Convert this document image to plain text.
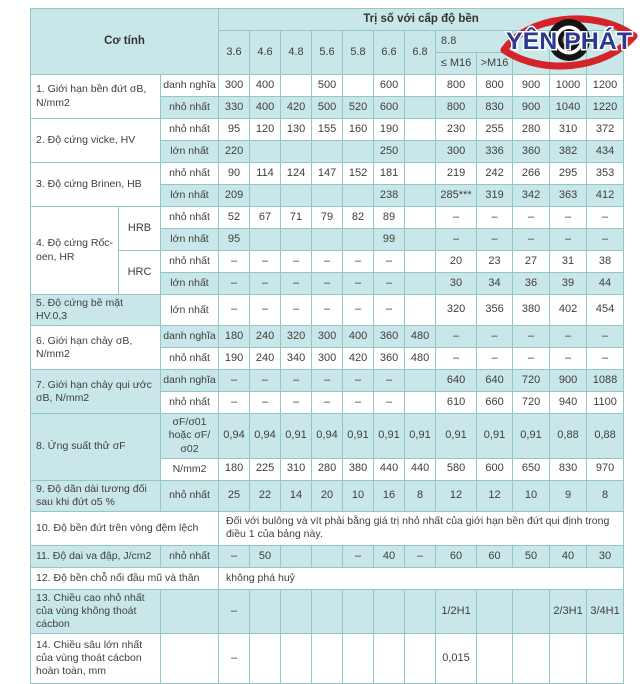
Cơ tính			Trị số với cấp độ bền											
			3.6	4.6	4.8	5.6	5.8	6.6	6.8	8.8				
										≤ M16	>M16			
1. Giới hạn bền đứt σB, N/mm2		danh nghĩa	300	400		500		600		800	800	900	1000	1200
		nhỏ nhất	330	400	420	500	520	600		800	830	900	1040	1220
2. Độ cứng vicke, HV		nhỏ nhất	95	120	130	155	160	190		230	255	280	310	372
		lớn nhất	220					250		300	336	360	382	434
3. Độ cứng Brinen, HB		nhỏ nhất	90	114	124	147	152	181		219	242	266	295	353
		lớn nhất	209					238		285***	319	342	363	412
4. Độ cứng Rốc-oen, HR	HRB	nhỏ nhất	52	67	71	79	82	89		–	–	–	–	–
		lớn nhất	95					99		–	–	–	–	–
	HRC	nhỏ nhất	–	–	–	–	–	–		20	23	27	31	38
		lớn nhất	–	–	–	–	–	–		30	34	36	39	44
5. Độ cứng bề mặt HV.0,3		lớn nhất	–	–	–	–	–	–		320	356	380	402	454
6. Giới hạn chảy σB, N/mm2		danh nghĩa	180	240	320	300	400	360	480	–	–	–	–	–
		nhỏ nhất	190	240	340	300	420	360	480	–	–	–	–	–
7. Giới hạn chảy qui ước σB, N/mm2		danh nghĩa	–	–	–	–	–	–		640	640	720	900	1088
		nhỏ nhất	–	–	–	–	–	–		610	660	720	940	1100
8. Ứng suất thử σF		σF/σ01 hoặc σF/ σ02	0,94	0,94	0,91	0,94	0,91	0,91	0,91	0,91	0,91	0,91	0,88	0,88
		N/mm2	180	225	310	280	380	440	440	580	600	650	830	970
9. Độ dãn dài tương đối sau khi đứt o5 %		nhỏ nhất	25	22	14	20	10	16	8	12	12	10	9	8
10. Độ bền đứt trên vòng đệm lệch			Đối với bulông và vít phải bằng giá trị nhỏ nhất của giới hạn bền đứt qui định trong điều 1 của bảng này.											
11. Độ dai va đập, J/cm2		nhỏ nhất	–	50			–	40	–	60	60	50	40	30
12. Độ bền chỗ nối đầu mũ và thân			không phá huỷ											
13. Chiều cao nhỏ nhất của vùng không thoát cácbon			–							1/2H1			2/3H1	3/4H1
14. Chiều sâu lớn nhất của vùng thoát cácbon hoàn toàn, mm			–							0,015				
YÊN PHÁT
